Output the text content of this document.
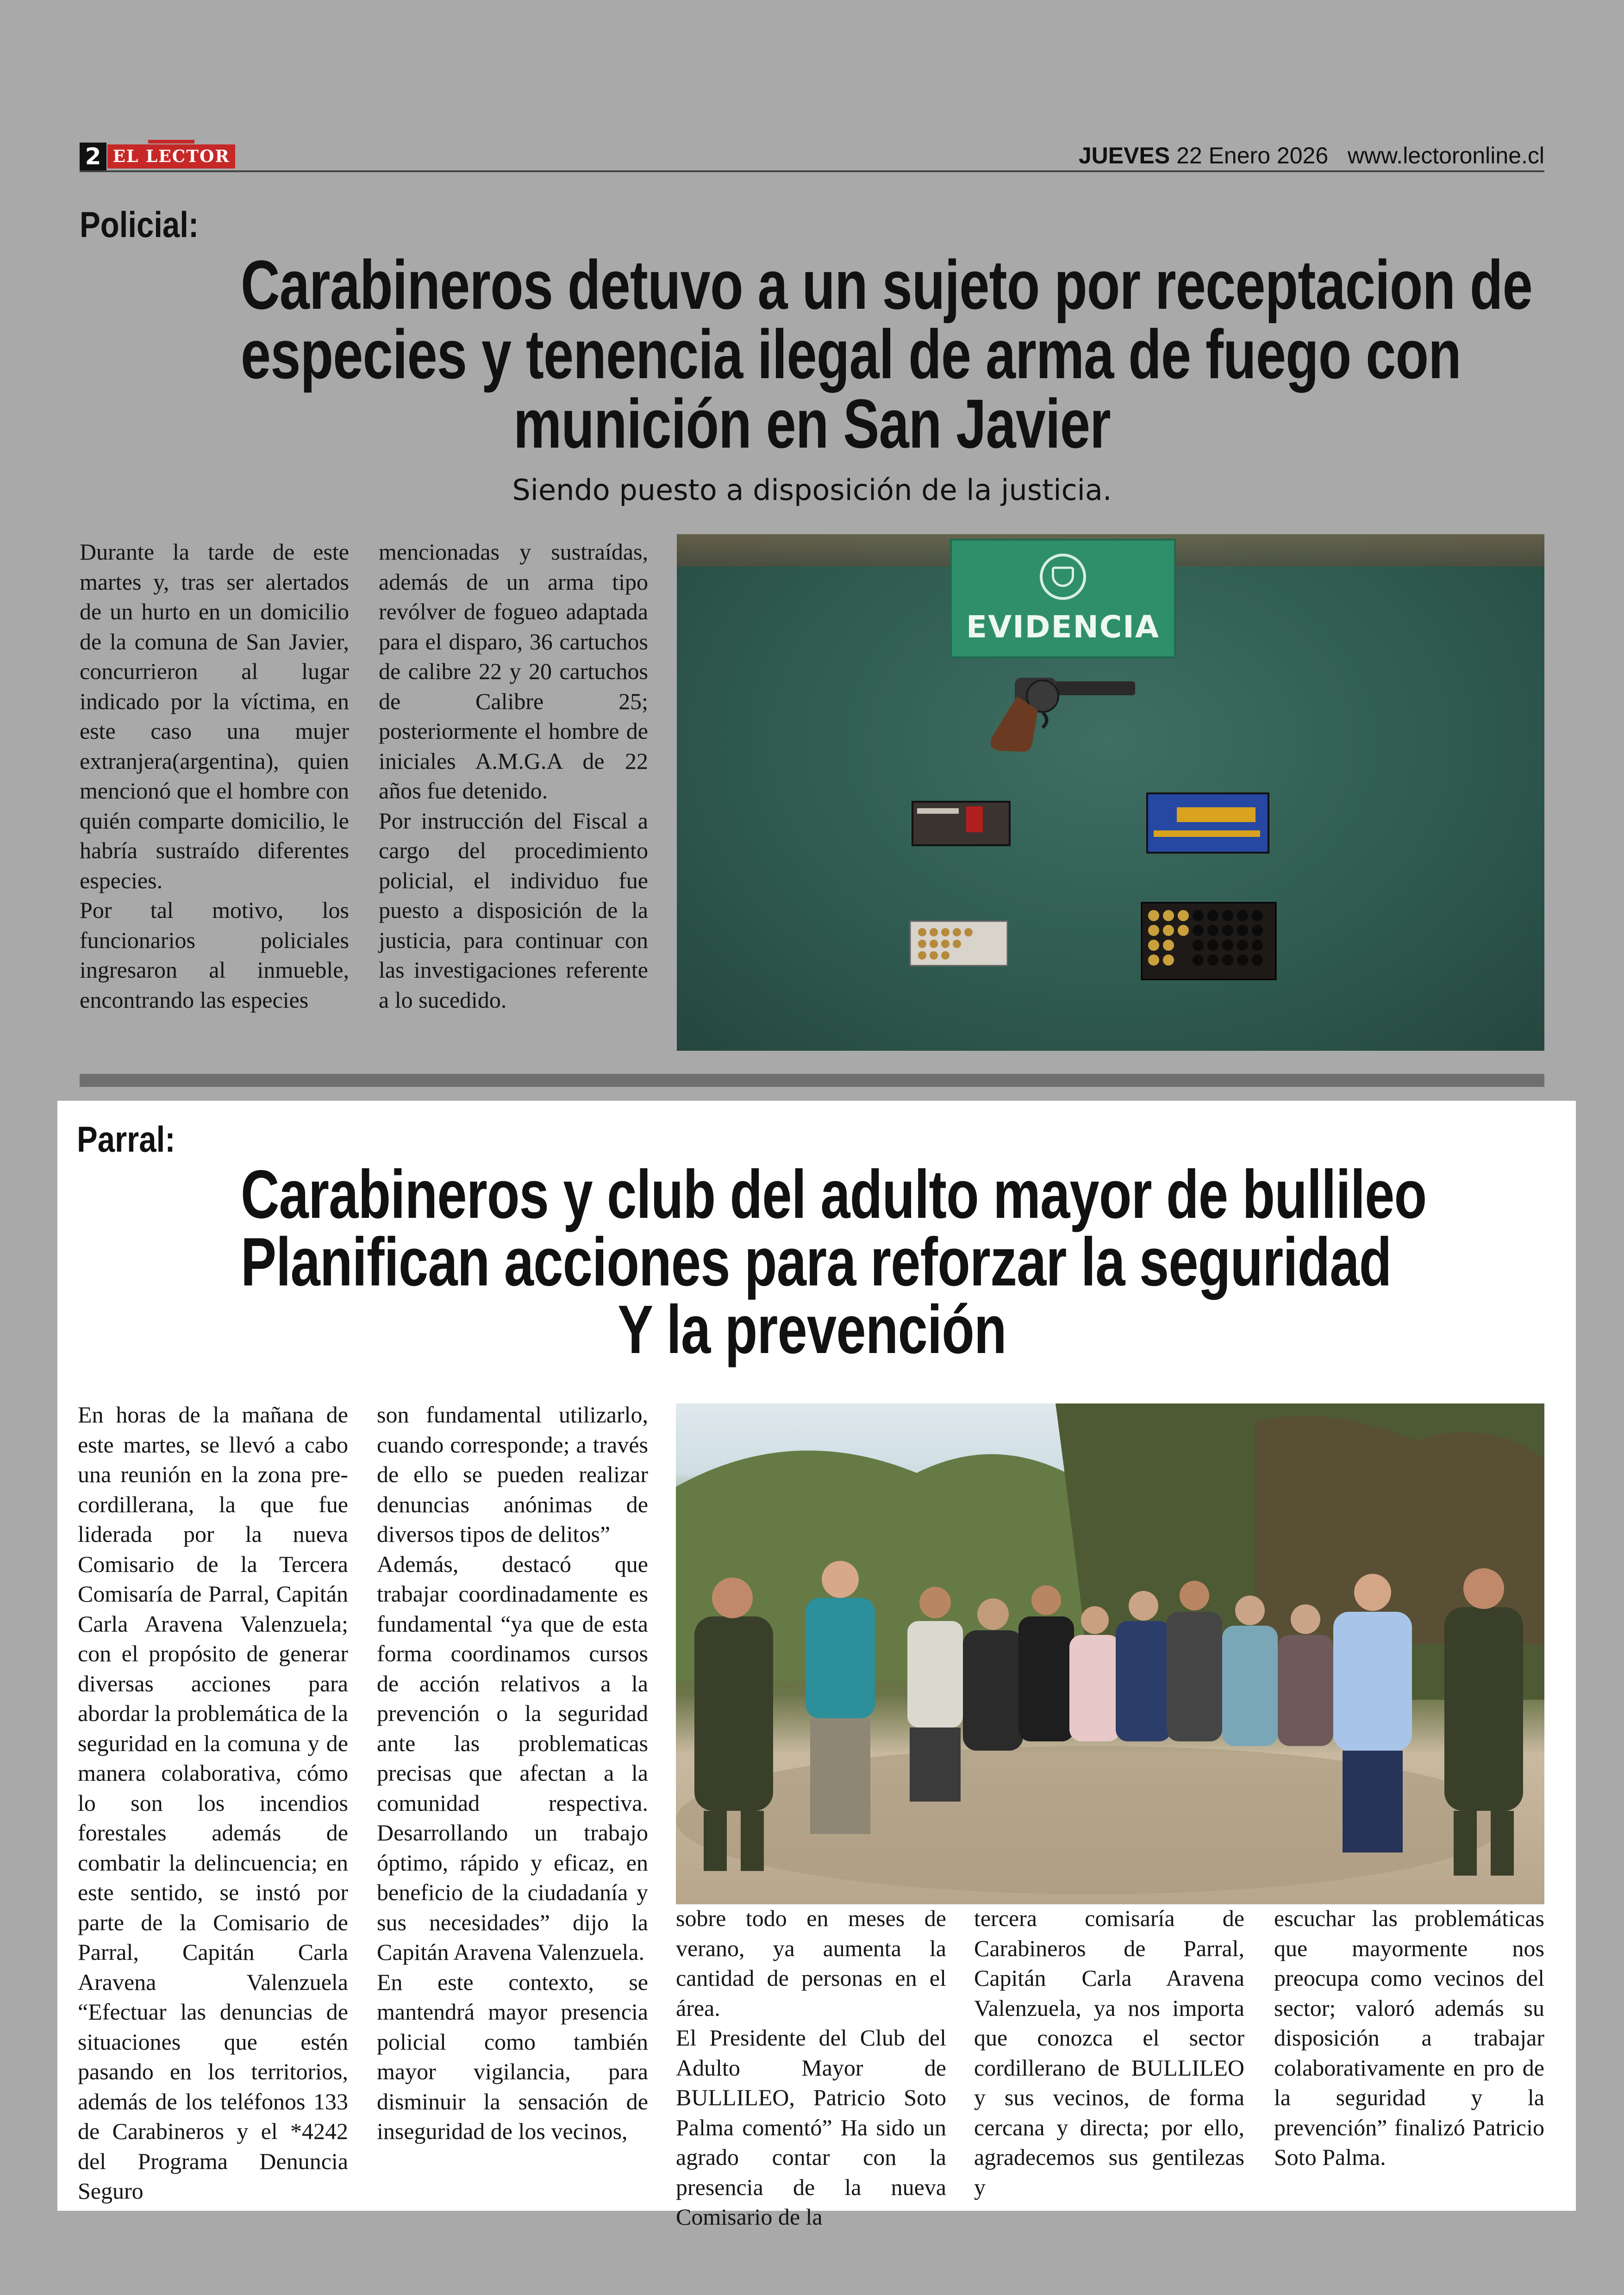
2 EL LECTOR	JUEVES 22 Enero 2026 www.lectoronline.cl
Policial:
Carabineros detuvo a un sujeto por receptacion de
especies y tenencia ilegal de arma de fuego con
munición en San Javier
Siendo puesto a disposición de la justicia.

Durante la tarde de este martes y, tras ser alertados de un hurto en un domicilio de la comuna de San Javier, concurrieron al lugar indicado por la víctima, en este caso una mujer extranjera(argentina), quien mencionó que el hombre con quién comparte domicilio, le habría sustraído diferentes especies.

Por tal motivo, los funcionarios policiales ingresaron al inmueble, encontrando las especies

mencionadas y sustraídas, además de un arma tipo revólver de fogueo adaptada para el disparo, 36 cartuchos de calibre 22 y 20 cartuchos de Calibre 25; posteriormente el hombre de iniciales A.M.G.A de 22 años fue detenido.

Por instrucción del Fiscal a cargo del procedimiento policial, el individuo fue puesto a disposición de la justicia, para continuar con las investigaciones referente a lo sucedido.

EVIDENCIA
Parral:
Carabineros y club del adulto mayor de bullileo
Planifican acciones para reforzar la seguridad
Y la prevención

En horas de la mañana de este martes, se llevó a cabo una reunión en la zona pre- cordillerana, la que fue liderada por la nueva Comisario de la Tercera Comisaría de Parral, Capitán Carla Aravena Valenzuela; con el propósito de generar diversas acciones para abordar la problemática de la seguridad en la comuna y de manera colaborativa, cómo lo son los incendios forestales además de combatir la delincuencia; en este sentido, se instó por parte de la Comisario de Parral, Capitán Carla Aravena Valenzuela “Efectuar las denuncias de situaciones que estén pasando en los territorios, además de los teléfonos 133 de Carabineros y el *4242 del Programa Denuncia Seguro

son fundamental utilizarlo, cuando corresponde; a través de ello se pueden realizar denuncias anónimas de diversos tipos de delitos”

Además, destacó que trabajar coordinadamente es fundamental “ya que de esta forma coordinamos cursos de acción relativos a la prevención o la seguridad ante las problematicas precisas que afectan a la comunidad respectiva. Desarrollando un trabajo óptimo, rápido y eficaz, en beneficio de la ciudadanía y sus necesidades” dijo la Capitán Aravena Valenzuela.

En este contexto, se mantendrá mayor presencia policial como también mayor vigilancia, para disminuir la sensación de inseguridad de los vecinos,

sobre todo en meses de verano, ya aumenta la cantidad de personas en el área.

El Presidente del Club del Adulto Mayor de BULLILEO, Patricio Soto Palma comentó” Ha sido un agrado contar con la presencia de la nueva Comisario de la

tercera comisaría de Carabineros de Parral, Capitán Carla Aravena Valenzuela, ya nos importa que conozca el sector cordillerano de BULLILEO y sus vecinos, de forma cercana y directa; por ello, agradecemos sus gentilezas y

escuchar las problemáticas que mayormente nos preocupa como vecinos del sector; valoró además su disposición a trabajar colaborativamente en pro de la seguridad y la prevención” finalizó Patricio Soto Palma.
